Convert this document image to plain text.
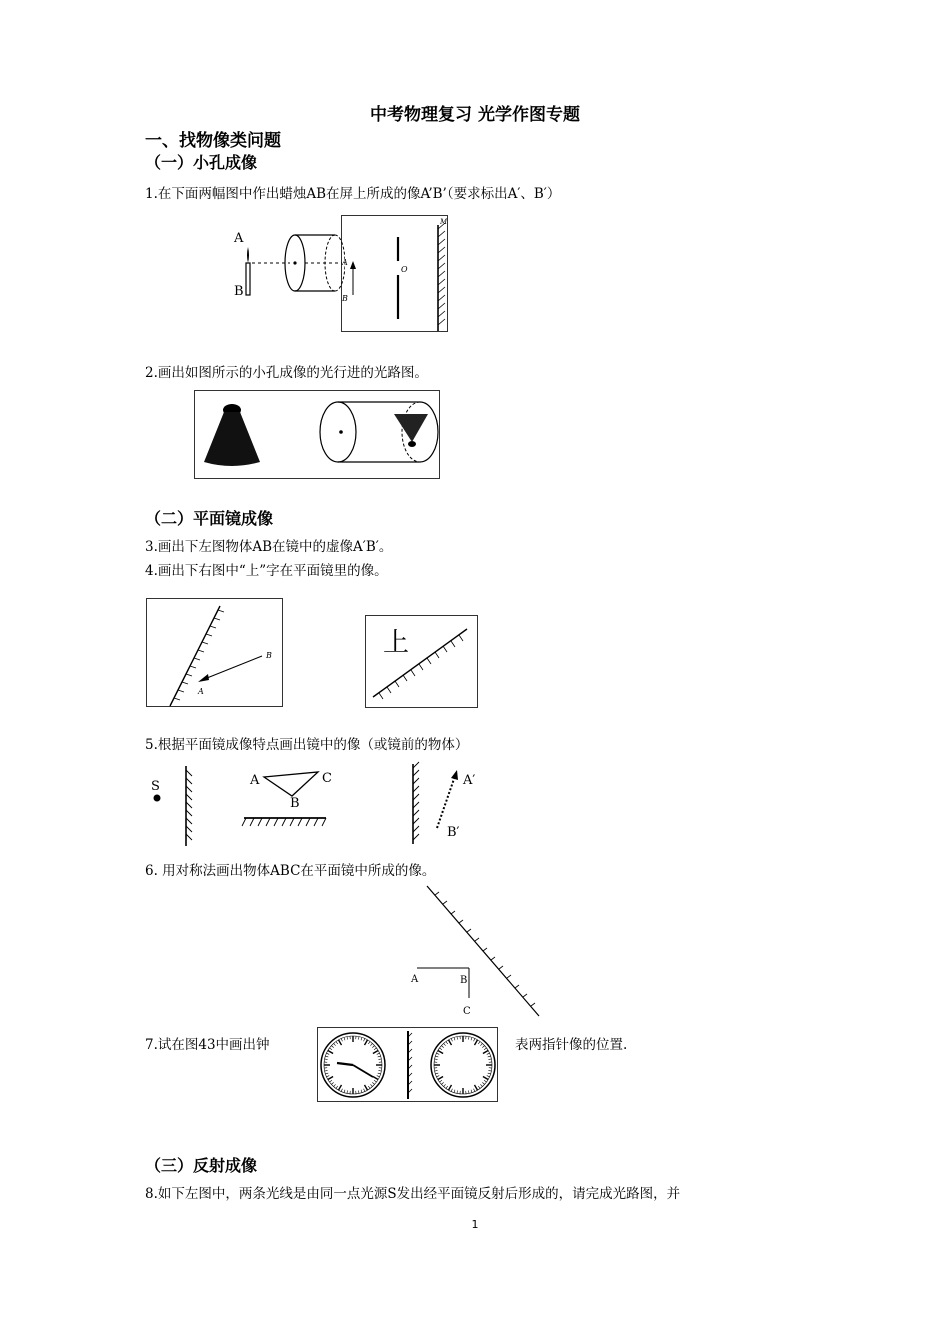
中考物理复习 光学作图专题
一、找物像类问题
（一）小孔成像
1.在下面两幅图中作出蜡烛AB在屏上所成的像A’B’（要求标出A′、B′）
A
B
A
B
O
M
2.画出如图所示的小孔成像的光行进的光路图。
（二）平面镜成像
3.画出下左图物体AB在镜中的虚像A′B′。
4.画出下右图中“上”字在平面镜里的像。
A
B	上
5.根据平面镜成像特点画出镜中的像（或镜前的物体）
S	A	C
B
A′
B′
6. 用对称法画出物体ABC在平面镜中所成的像。
A	B
C
7.试在图43中画出钟	表两指针像的位置.
（三）反射成像
8.如下左图中，两条光线是由同一点光源S发出经平面镜反射后形成的，请完成光路图，并
1
